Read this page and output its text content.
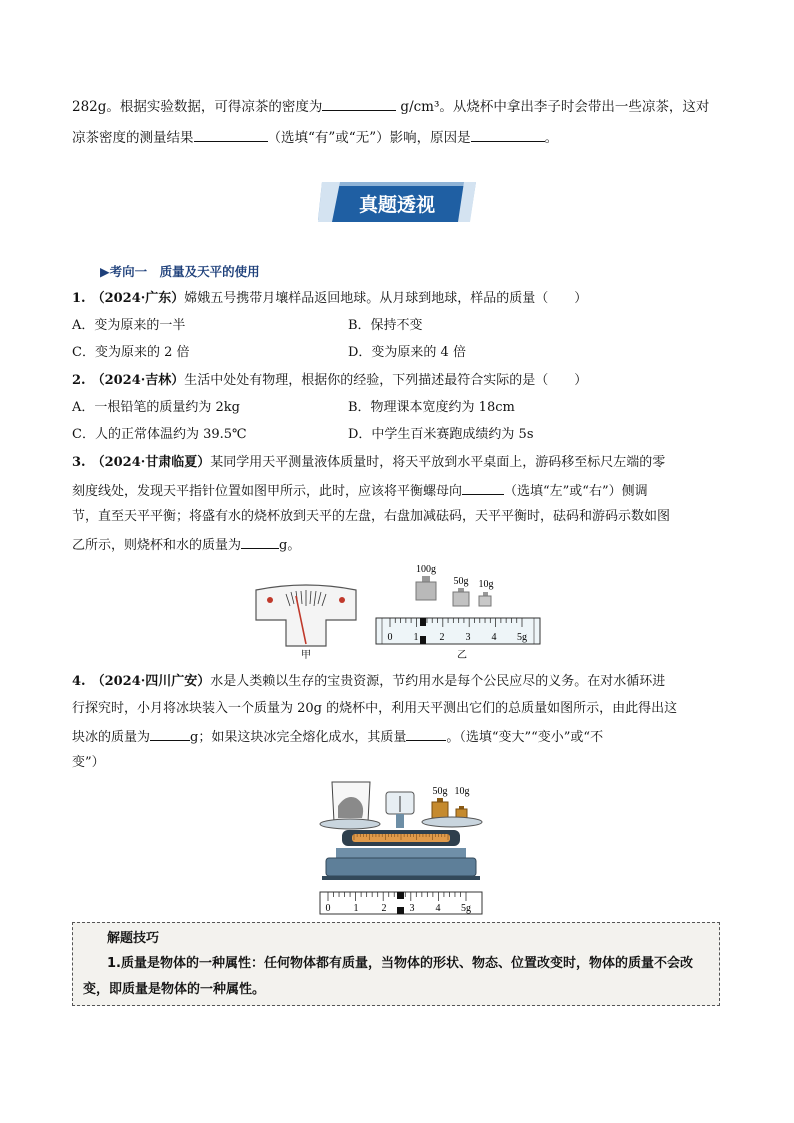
282g。根据实验数据，可得凉茶的密度为	g/cm³。从烧杯中拿出李子时会带出一些凉茶，这对
凉茶密度的测量结果	（选填“有”或“无”）影响，原因是	。
真题透视
▶考向一　质量及天平的使用
1. （2024·广东）嫦娥五号携带月壤样品返回地球。从月球到地球，样品的质量（　　）
A．变为原来的一半	B．保持不变
C．变为原来的 2 倍	D．变为原来的 4 倍
2. （2024·吉林）生活中处处有物理，根据你的经验，下列描述最符合实际的是（　　）
A．一根铅笔的质量约为 2kg	B．物理课本宽度约为 18cm
C．人的正常体温约为 39.5℃	D．中学生百米赛跑成绩约为 5s
3. （2024·甘肃临夏）某同学用天平测量液体质量时，将天平放到水平桌面上，游码移至标尺左端的零
刻度线处，发现天平指针位置如图甲所示，此时，应该将平衡螺母向	（选填“左”或“右”）侧调
节，直至天平平衡；将盛有水的烧杯放到天平的左盘，右盘加减砝码，天平平衡时，砝码和游码示数如图
乙所示，则烧杯和水的质量为	g。
甲
100g
50g 10g
0 1 2 3 4 5g
乙
4. （2024·四川广安）水是人类赖以生存的宝贵资源，节约用水是每个公民应尽的义务。在对水循环进
行探究时，小月将冰块装入一个质量为 20g 的烧杯中，利用天平测出它们的总质量如图所示，由此得出这
块冰的质量为	g；如果这块冰完全熔化成水，其质量	。（选填“变大”“变小”或“不
变”）
50g 10g
0 1 2 3 4 5g
解题技巧
1.质量是物体的一种属性：任何物体都有质量，当物体的形状、物态、位置改变时，物体的质量不会改变，即质量是物体的一种属性。
